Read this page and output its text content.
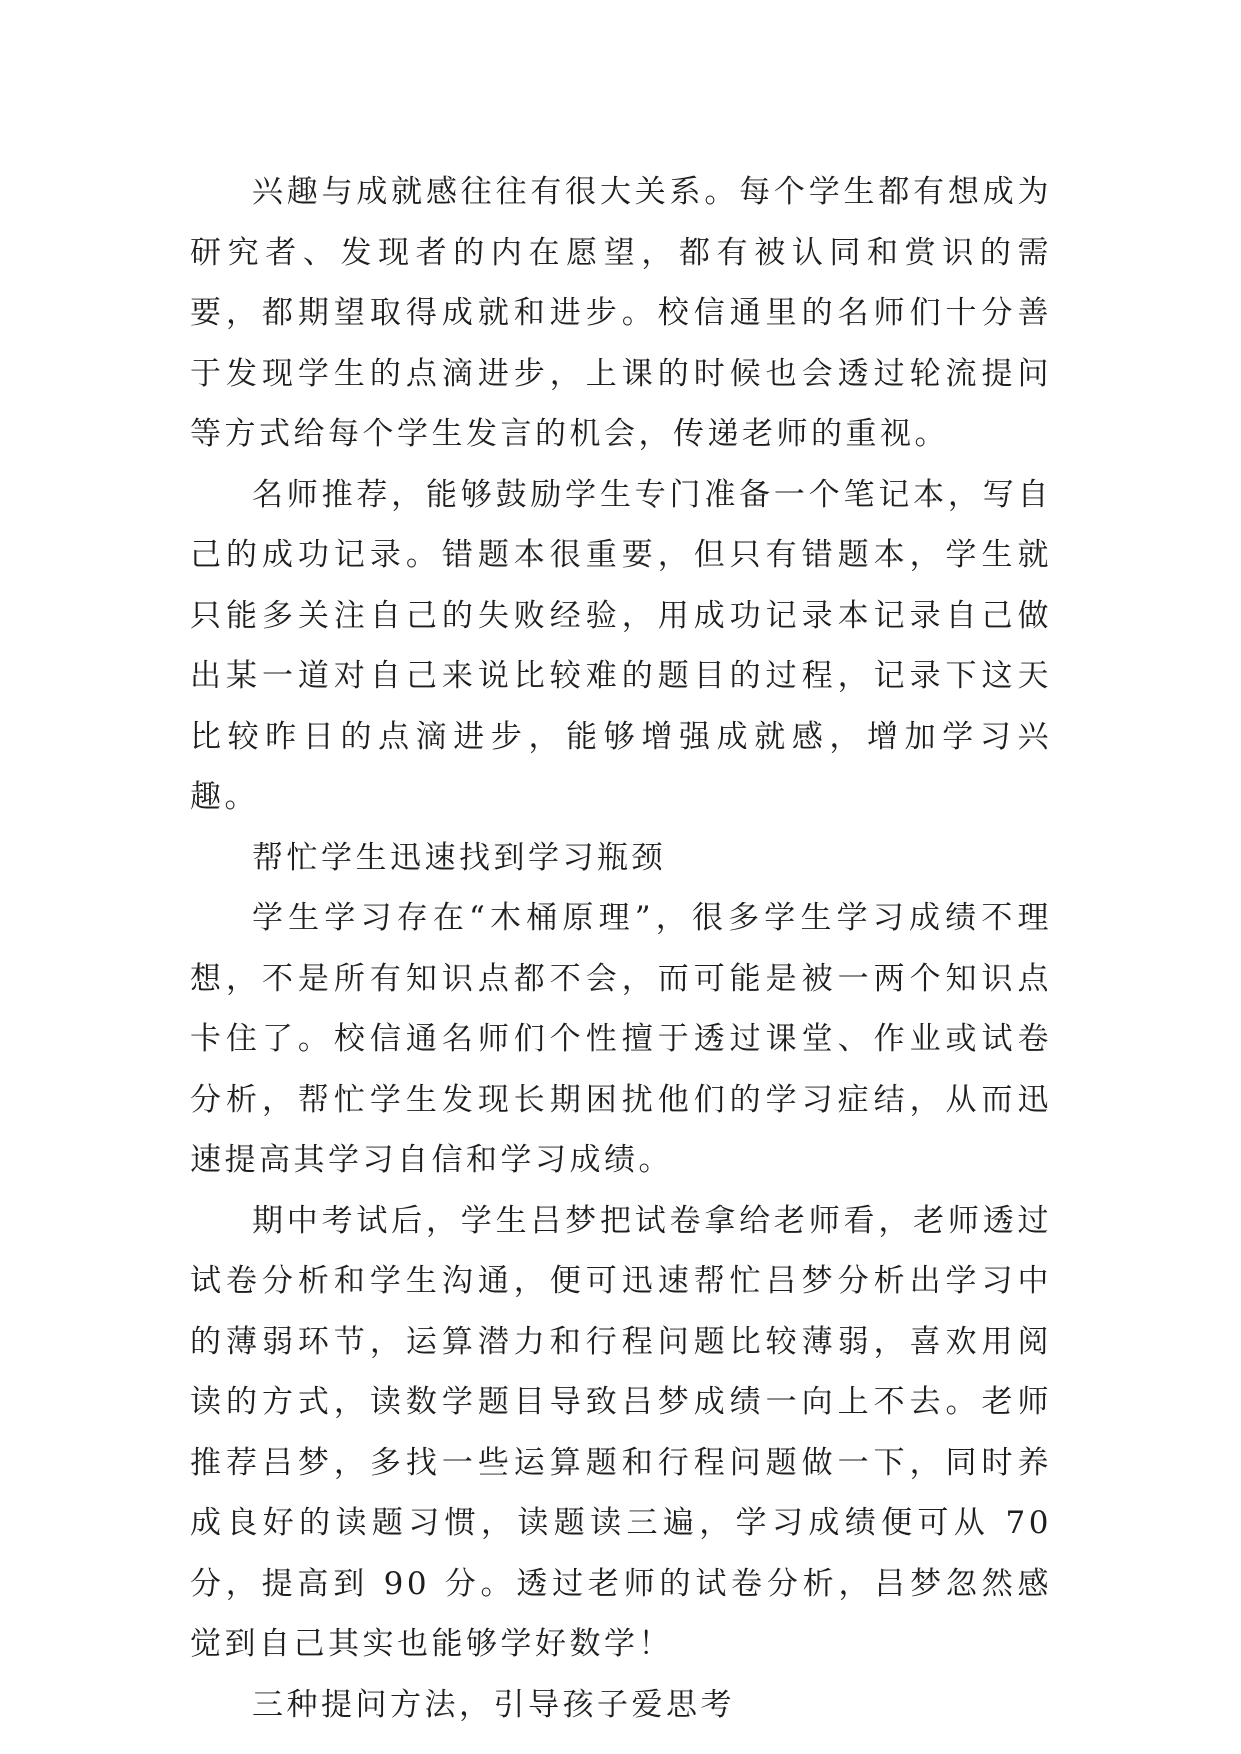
兴趣与成就感往往有很大关系。每个学生都有想成为研究者、发现者的内在愿望，都有被认同和赏识的需要，都期望取得成就和进步。校信通里的名师们十分善于发现学生的点滴进步，上课的时候也会透过轮流提问等方式给每个学生发言的机会，传递老师的重视。

名师推荐，能够鼓励学生专门准备一个笔记本，写自己的成功记录。错题本很重要，但只有错题本，学生就只能多关注自己的失败经验，用成功记录本记录自己做出某一道对自己来说比较难的题目的过程，记录下这天比较昨日的点滴进步，能够增强成就感，增加学习兴趣。

帮忙学生迅速找到学习瓶颈

学生学习存在“木桶原理”，很多学生学习成绩不理想，不是所有知识点都不会，而可能是被一两个知识点卡住了。校信通名师们个性擅于透过课堂、作业或试卷分析，帮忙学生发现长期困扰他们的学习症结，从而迅速提高其学习自信和学习成绩。

期中考试后，学生吕梦把试卷拿给老师看，老师透过试卷分析和学生沟通，便可迅速帮忙吕梦分析出学习中的薄弱环节，运算潜力和行程问题比较薄弱，喜欢用阅读的方式，读数学题目导致吕梦成绩一向上不去。老师推荐吕梦，多找一些运算题和行程问题做一下，同时养成良好的读题习惯，读题读三遍，学习成绩便可从 70 分，提高到 90 分。透过老师的试卷分析，吕梦忽然感觉到自己其实也能够学好数学！

三种提问方法，引导孩子爱思考
